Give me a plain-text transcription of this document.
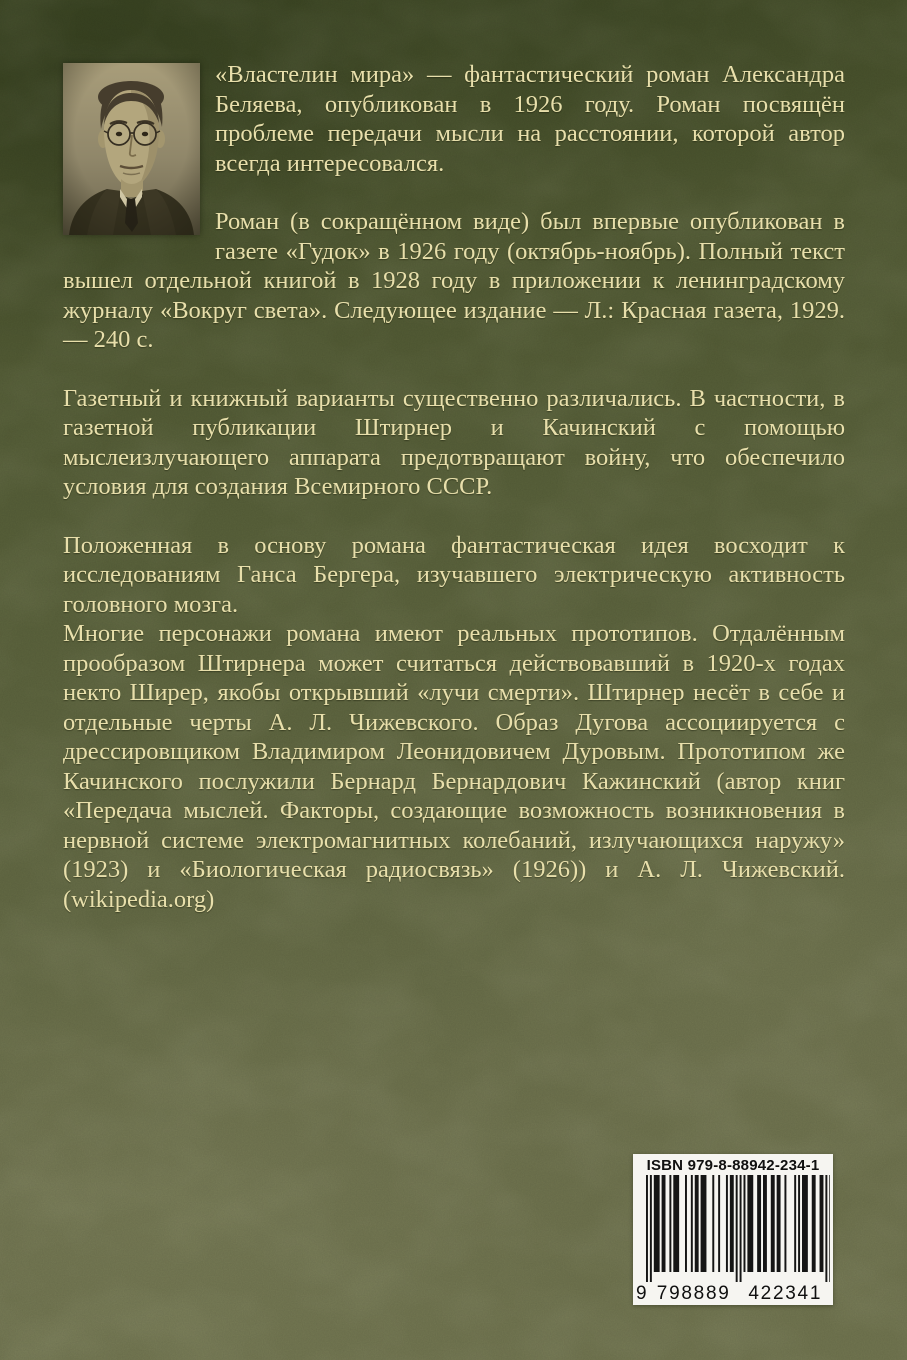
«Властелин мира» — фантастический роман Александра Беляева, опубликован в 1926 году. Роман посвящён проблеме передачи мысли на расстоянии, которой автор всегда интересовался.

Роман (в сокращённом виде) был впервые опубликован в газете «Гудок» в 1926 году (октябрь-ноябрь). Полный текст вышел отдельной книгой в 1928 году в приложении к ленинградскому журналу «Вокруг света». Следующее издание — Л.: Красная газета, 1929. — 240 с.

Газетный и книжный варианты существенно различались. В частности, в газетной публикации Штирнер и Качинский с помощью мыслеизлучающего аппарата предотвращают войну, что обеспечило условия для создания Всемирного СССР.

Положенная в основу романа фантастическая идея восходит к исследованиям Ганса Бергера, изучавшего электрическую активность головного мозга.

Многие персонажи романа имеют реальных прототипов. Отдалённым прообразом Штирнера может считаться действовавший в 1920-х годах некто Ширер, якобы открывший «лучи смерти». Штирнер несёт в себе и отдельные черты А. Л. Чижевского. Образ Дугова ассоциируется с дрессировщиком Владимиром Леонидовичем Дуровым. Прототипом же Качинского послужили Бернард Бернардович Кажинский (автор книг «Передача мыслей. Факторы, создающие возможность возникновения в нервной системе электромагнитных колебаний, излучающихся наружу» (1923) и «Биологическая радиосвязь» (1926)) и А. Л. Чижевский. (wikipedia.org)

ISBN 979-8-88942-234-1
9 798889 422341
